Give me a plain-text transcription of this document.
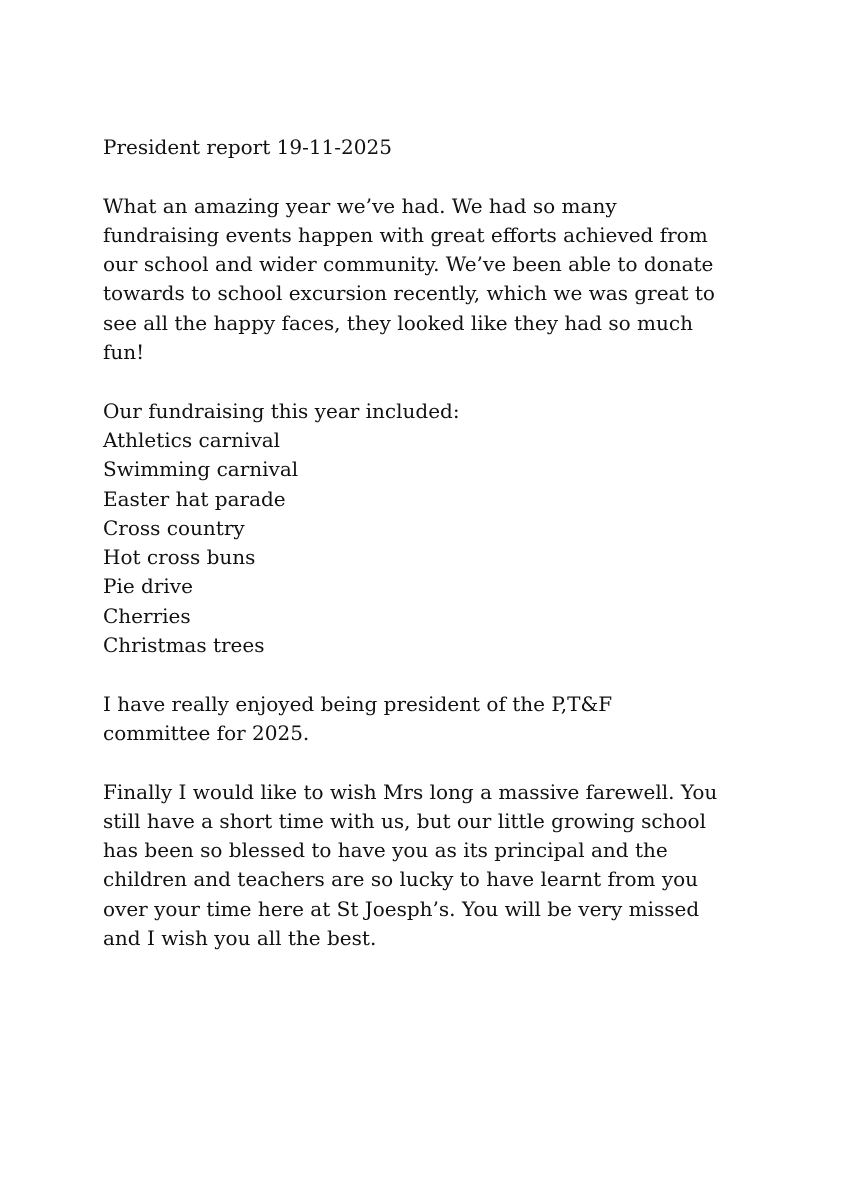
President report 19-11-2025
What an amazing year we’ve had. We had so many
fundraising events happen with great efforts achieved from
our school and wider community. We’ve been able to donate
towards to school excursion recently, which we was great to
see all the happy faces, they looked like they had so much
fun!
Our fundraising this year included:
Athletics carnival
Swimming carnival
Easter hat parade
Cross country
Hot cross buns
Pie drive
Cherries
Christmas trees
I have really enjoyed being president of the P,T&F
committee for 2025.
Finally I would like to wish Mrs long a massive farewell. You
still have a short time with us, but our little growing school
has been so blessed to have you as its principal and the
children and teachers are so lucky to have learnt from you
over your time here at St Joesph’s. You will be very missed
and I wish you all the best.
